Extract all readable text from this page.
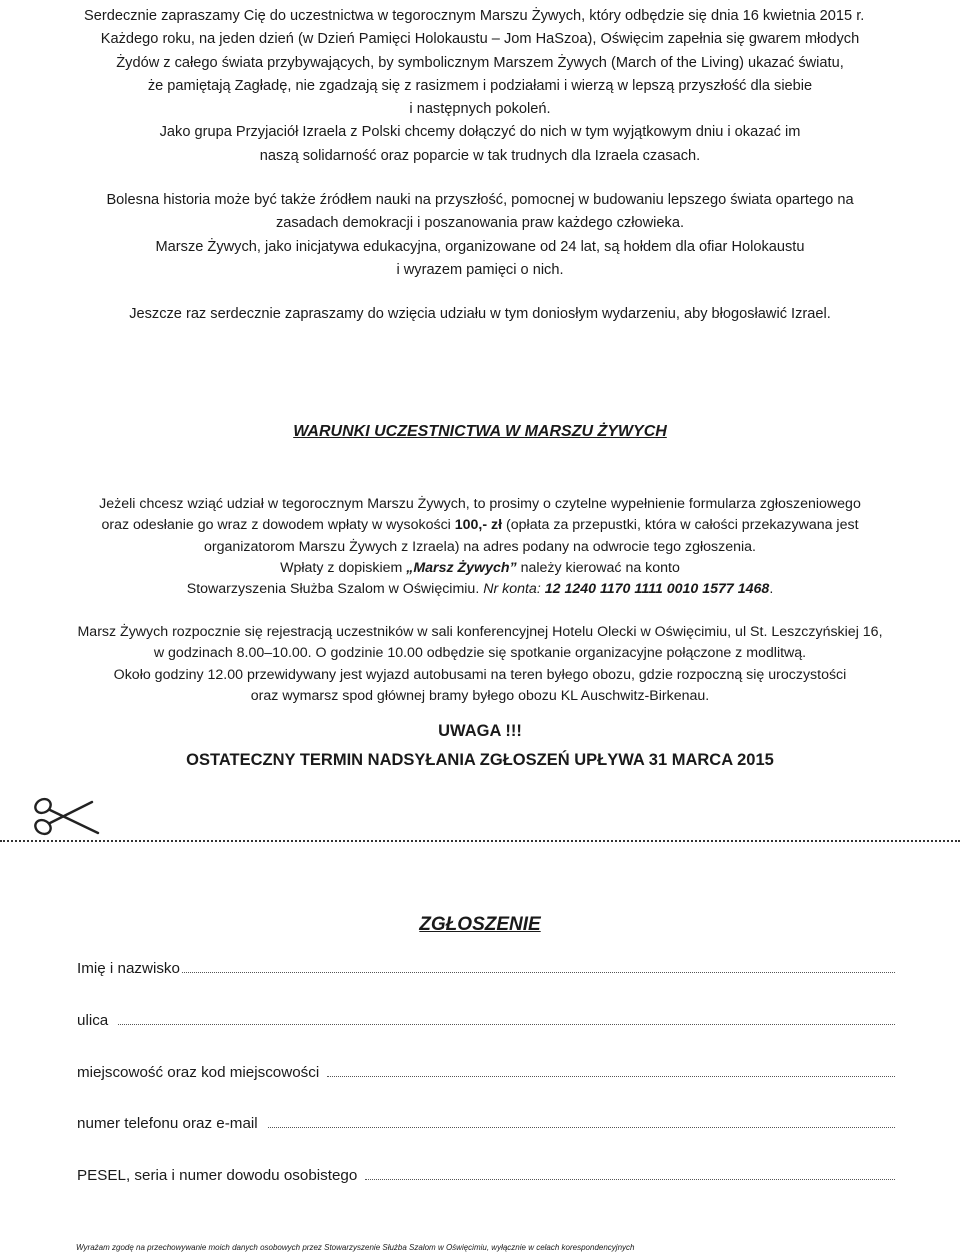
Serdecznie zapraszamy Cię do uczestnictwa w tegorocznym Marszu Żywych, który odbędzie się dnia 16 kwietnia 2015 r.
Każdego roku, na jeden dzień (w Dzień Pamięci Holokaustu – Jom HaSzoa), Oświęcim zapełnia się gwarem młodych
Żydów z całego świata przybywających, by symbolicznym Marszem Żywych (March of the Living) ukazać światu,
że pamiętają Zagładę, nie zgadzają się z rasizmem i podziałami i wierzą w lepszą przyszłość dla siebie
i następnych pokoleń.
Jako grupa Przyjaciół Izraela z Polski chcemy dołączyć do nich w tym wyjątkowym dniu i okazać im
naszą solidarność oraz poparcie w tak trudnych dla Izraela czasach.
Bolesna historia może być także źródłem nauki na przyszłość, pomocnej w budowaniu lepszego świata opartego na
zasadach demokracji i poszanowania praw każdego człowieka.
Marsze Żywych, jako inicjatywa edukacyjna, organizowane od 24 lat, są hołdem dla ofiar Holokaustu
i wyrazem pamięci o nich.
Jeszcze raz serdecznie zapraszamy do wzięcia udziału w tym doniosłym wydarzeniu, aby błogosławić Izrael.
WARUNKI UCZESTNICTWA W MARSZU ŻYWYCH
Jeżeli chcesz wziąć udział w tegorocznym Marszu Żywych, to prosimy o czytelne wypełnienie formularza zgłoszeniowego
oraz odesłanie go wraz z dowodem wpłaty w wysokości 100,- zł (opłata za przepustki, która w całości przekazywana jest
organizatorom Marszu Żywych z Izraela) na adres podany na odwrocie tego zgłoszenia.
Wpłaty z dopiskiem „Marsz Żywych” należy kierować na konto
Stowarzyszenia Służba Szalom w Oświęcimiu. Nr konta: 12 1240 1170 1111 0010 1577 1468.
Marsz Żywych rozpocznie się rejestracją uczestników w sali konferencyjnej Hotelu Olecki w Oświęcimiu, ul St. Leszczyńskiej 16,
w godzinach 8.00–10.00. O godzinie 10.00 odbędzie się spotkanie organizacyjne połączone z modlitwą.
Około godziny 12.00 przewidywany jest wyjazd autobusami na teren byłego obozu, gdzie rozpoczną się uroczystości
oraz wymarsz spod głównej bramy byłego obozu KL Auschwitz-Birkenau.
UWAGA !!!
OSTATECZNY TERMIN NADSYŁANIA ZGŁOSZEŃ UPŁYWA 31 MARCA 2015
ZGŁOSZENIE
Imię i nazwisko
ulica
miejscowość oraz kod miejscowości
numer telefonu oraz e-mail
PESEL, seria i numer dowodu osobistego
Wyrażam zgodę na przechowywanie moich danych osobowych przez Stowarzyszenie Służba Szalom w Oświęcimiu, wyłącznie w celach korespondencyjnych
